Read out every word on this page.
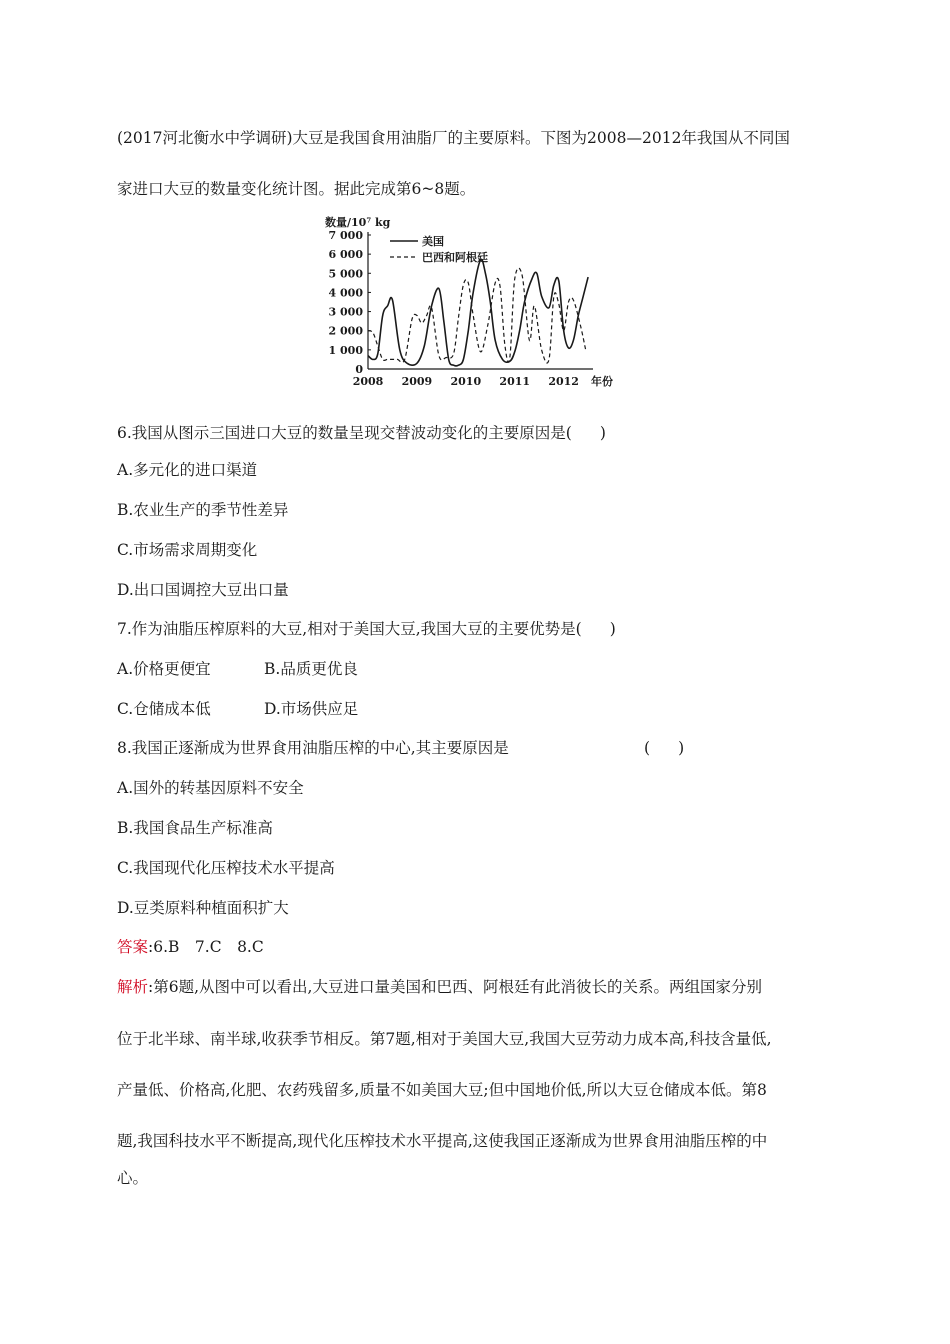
(2017河北衡水中学调研)大豆是我国食用油脂厂的主要原料。下图为2008—2012年我国从不同国
家进口大豆的数量变化统计图。据此完成第6~8题。
数量/10⁷ kg
7 000
6 000
5 000
4 000
3 000
2 000
1 000
0
2008 2009 2010 2011 2012 年份
美国
巴西和阿根廷
6.我国从图示三国进口大豆的数量呈现交替波动变化的主要原因是( )
A.多元化的进口渠道
B.农业生产的季节性差异
C.市场需求周期变化
D.出口国调控大豆出口量
7.作为油脂压榨原料的大豆,相对于美国大豆,我国大豆的主要优势是( )
A.价格更便宜	B.品质更优良
C.仓储成本低	D.市场供应足
8.我国正逐渐成为世界食用油脂压榨的中心,其主要原因是	( )
A.国外的转基因原料不安全
B.我国食品生产标准高
C.我国现代化压榨技术水平提高
D.豆类原料种植面积扩大
答案:6.B　7.C　8.C
解析:第6题,从图中可以看出,大豆进口量美国和巴西、阿根廷有此消彼长的关系。两组国家分别
位于北半球、南半球,收获季节相反。第7题,相对于美国大豆,我国大豆劳动力成本高,科技含量低,
产量低、价格高,化肥、农药残留多,质量不如美国大豆;但中国地价低,所以大豆仓储成本低。第8
题,我国科技水平不断提高,现代化压榨技术水平提高,这使我国正逐渐成为世界食用油脂压榨的中
心。
